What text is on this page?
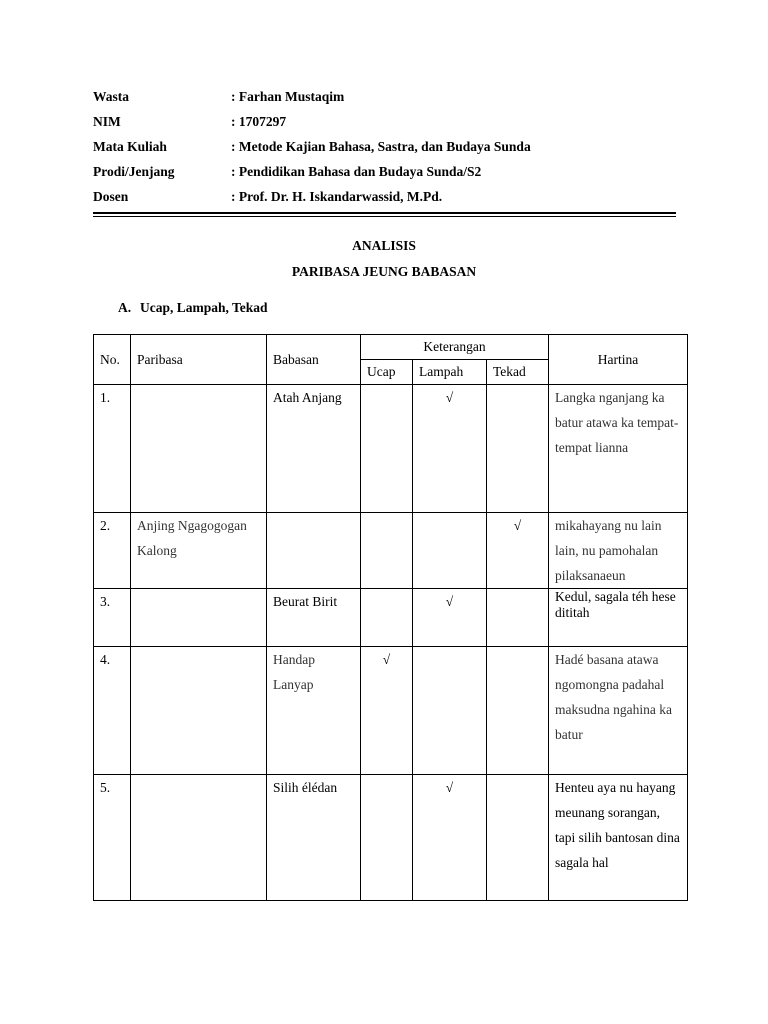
Wasta	: Farhan Mustaqim
NIM	: 1707297
Mata Kuliah	: Metode Kajian Bahasa, Sastra, dan Budaya Sunda
Prodi/Jenjang	: Pendidikan Bahasa dan Budaya Sunda/S2
Dosen	: Prof. Dr. H. Iskandarwassid, M.Pd.
ANALISIS
PARIBASA JEUNG BABASAN
A. Ucap, Lampah, Tekad
No.	Paribasa	Babasan	Keterangan			Hartina
			Ucap	Lampah	Tekad	
1.		Atah Anjang		√		Langka nganjang ka batur atawa ka tempat-tempat lianna
2.	Anjing Ngagogogan Kalong				√	mikahayang nu lain lain, nu pamohalan pilaksanaeun
3.		Beurat Birit		√		Kedul, sagala téh hese dititah
4.		Handap Lanyap	√			Hadé basana atawa ngomongna padahal maksudna ngahina ka batur
5.		Silih élédan		√		Henteu aya nu hayang meunang sorangan, tapi silih bantosan dina sagala hal
